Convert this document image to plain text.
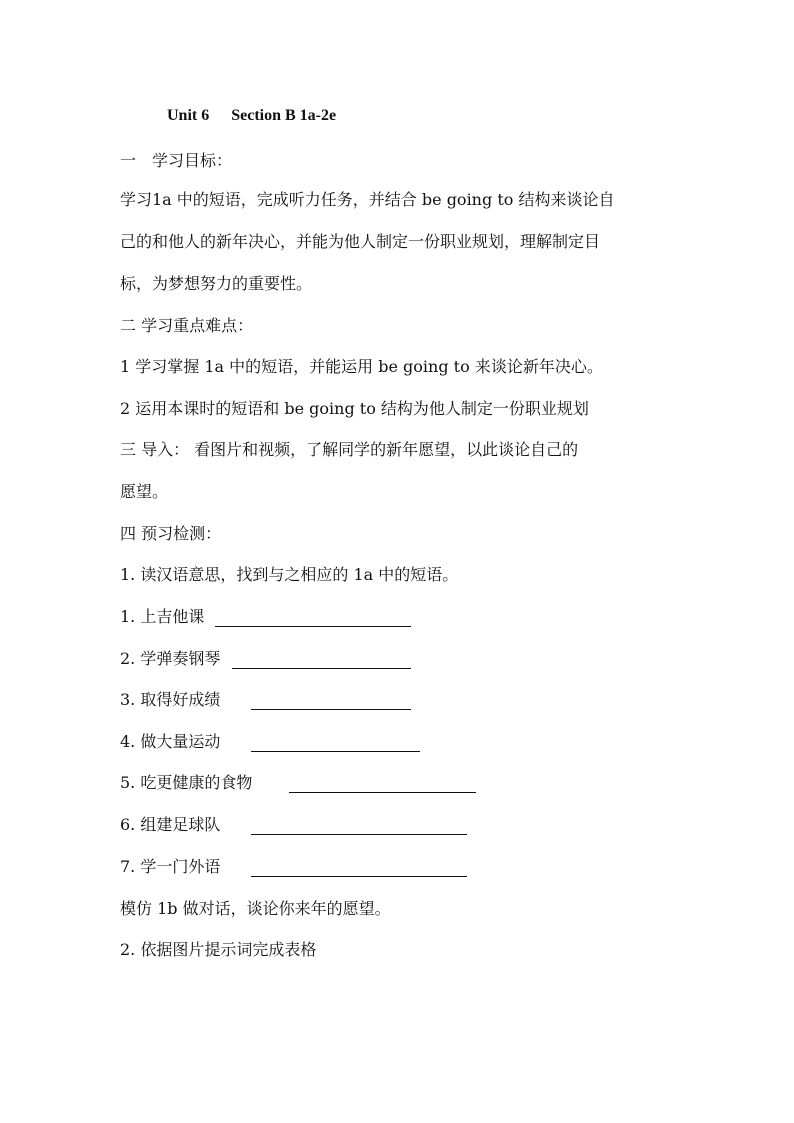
Unit 6 Section B 1a-2e
一　学习目标：
学习1a 中的短语，完成听力任务，并结合 be going to 结构来谈论自
己的和他人的新年决心，并能为他人制定一份职业规划，理解制定目
标，为梦想努力的重要性。
二 学习重点难点：
1 学习掌握 1a 中的短语，并能运用 be going to 来谈论新年决心。
2 运用本课时的短语和 be going to 结构为他人制定一份职业规划
三 导入： 看图片和视频，了解同学的新年愿望，以此谈论自己的
愿望。
四 预习检测：
1. 读汉语意思，找到与之相应的 1a 中的短语。
1. 上吉他课
2. 学弹奏钢琴
3. 取得好成绩
4. 做大量运动
5. 吃更健康的食物
6. 组建足球队
7. 学一门外语
模仿 1b 做对话，谈论你来年的愿望。
2. 依据图片提示词完成表格
